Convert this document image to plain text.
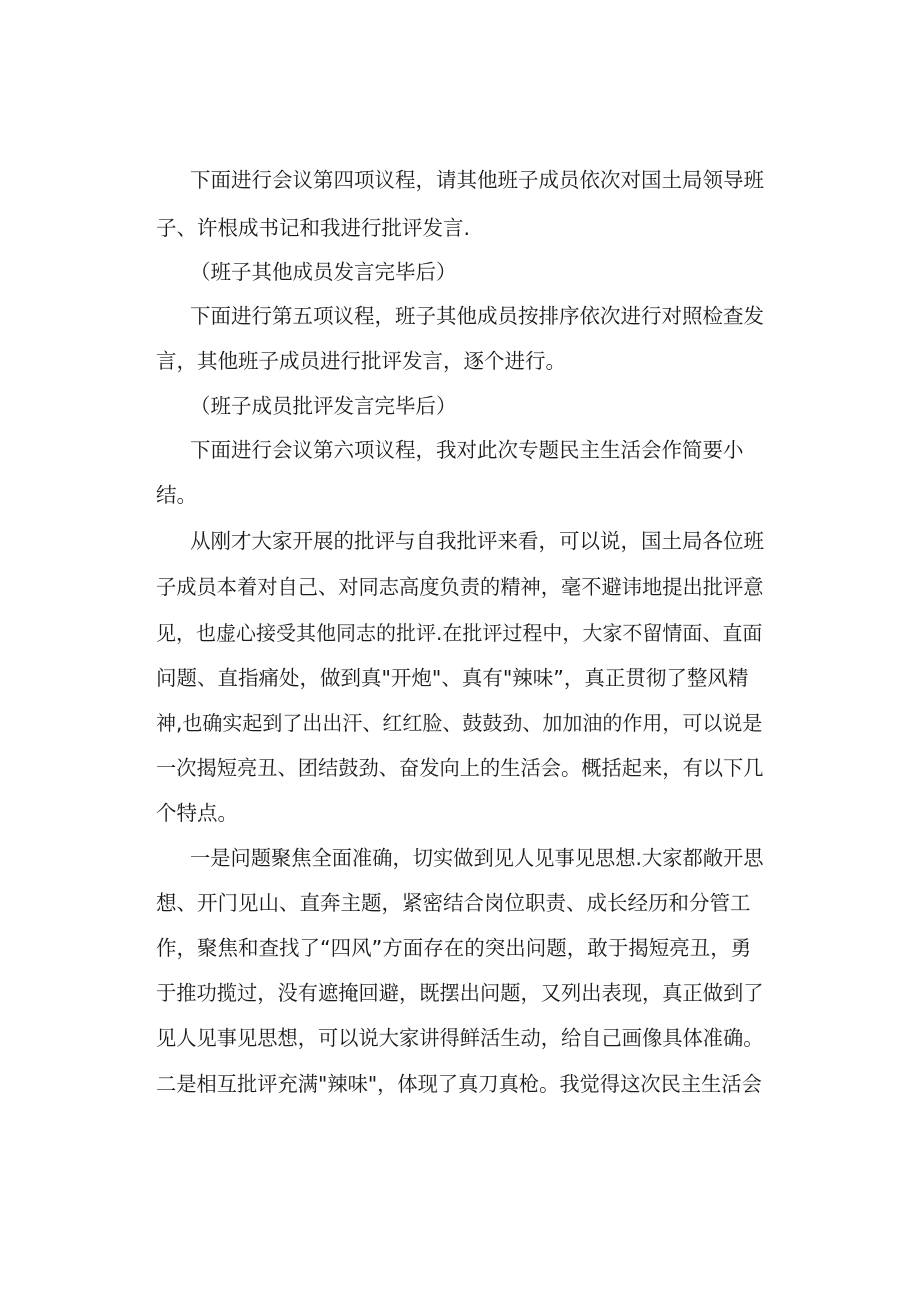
下面进行会议第四项议程，请其他班子成员依次对国土局领导班
子、许根成书记和我进行批评发言.
（班子其他成员发言完毕后）
下面进行第五项议程，班子其他成员按排序依次进行对照检查发
言，其他班子成员进行批评发言，逐个进行。
（班子成员批评发言完毕后）
下面进行会议第六项议程，我对此次专题民主生活会作简要小
结。
从刚才大家开展的批评与自我批评来看，可以说，国土局各位班
子成员本着对自己、对同志高度负责的精神，毫不避讳地提出批评意
见，也虚心接受其他同志的批评.在批评过程中，大家不留情面、直面
问题、直指痛处，做到真"开炮"、真有"辣味”，真正贯彻了整风精
神,也确实起到了出出汗、红红脸、鼓鼓劲、加加油的作用，可以说是
一次揭短亮丑、团结鼓劲、奋发向上的生活会。概括起来，有以下几
个特点。
一是问题聚焦全面准确，切实做到见人见事见思想.大家都敞开思
想、开门见山、直奔主题，紧密结合岗位职责、成长经历和分管工
作，聚焦和查找了“四风”方面存在的突出问题，敢于揭短亮丑，勇
于推功揽过，没有遮掩回避，既摆出问题，又列出表现，真正做到了
见人见事见思想，可以说大家讲得鲜活生动，给自己画像具体准确。
二是相互批评充满"辣味"，体现了真刀真枪。我觉得这次民主生活会
